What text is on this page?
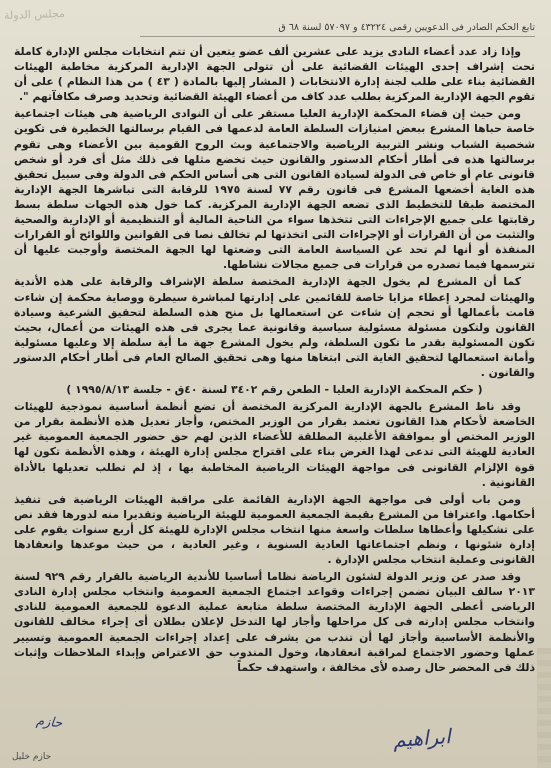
مجلس الدولة
تابع الحكم الصادر فى الدعويين رقمى ٤٣٢٢٤ و ٥٧٠٩٧ لسنة ٦٨ ق

وإذا زاد عدد أعضاء النادى يزيد على عشرين ألف عضو يتعين أن تتم انتخابات مجلس الإدارة كاملة تحت إشراف إحدى الهيئات القضائية على أن تتولى الجهة الإدارية المركزية مخاطبة الهيئات القضائية بناء على طلب لجنة إدارة الانتخابات ( المشار إليها بالمادة ( ٤٣ ) من هذا النظام ) على أن تقوم الجهة الإدارية المركزية بطلب عدد كاف من أعضاء الهيئة القضائية وتحديد وصرف مكافآتهم ".

ومن حيث إن قضاء المحكمة الإدارية العليا مستقر على أن النوادى الرياضية هى هيئات اجتماعية خاصة حباها المشرع ببعض امتيازات السلطة العامة لدعمها فى القيام برسالتها الخطيرة فى تكوين شخصية الشباب ونشر التربية الرياضية والاجتماعية وبث الروح القومية بين الأعضاء وهى تقوم برسالتها هذه فى أطار أحكام الدستور والقانون حيث تخضع مثلها فى ذلك مثل أى فرد أو شخص قانونى عام أو خاص فى الدولة لسيادة القانون التى هى أساس الحكم فى الدولة وفى سبيل تحقيق هذه الغاية أخضعها المشرع فى قانون رقم ٧٧ لسنة ١٩٧٥ للرقابة التى تباشرها الجهة الإدارية المختصة طبقا للتخطيط الذى تضعه الجهة الإدارية المركزية. كما خول هذه الجهات سلطة بسط رقابتها على جميع الإجراءات التى تتخذها سواء من الناحية المالية أو التنظيمية أو الإدارية والصحية والتثبت من أن القرارات أو الإجراءات التى اتخذتها لم تخالف نصا فى القوانين واللوائح أو القرارات المنفذة أو أنها لم تحد عن السياسة العامة التى وضعتها لها الجهة المختصة وأوجبت عليها أن تترسمها فيما تصدره من قرارات فى جميع مجالات نشاطها.

كما أن المشرع لم يخول الجهة الإدارية المختصة سلطة الإشراف والرقابة على هذه الأندية والهيئات لمجرد إعطاء مزايا خاصة للقائمين على إدارتها لمباشرة سيطرة ووصاية محكمة إن شاءت قامت بأعمالها أو تحجم إن شاءت عن استعمالها بل منح هذه السلطة لتحقيق الشرعية وسيادة القانون ولتكون مسئولة مسئولية سياسية وقانونية عما يجرى فى هذه الهيئات من أعمال، بحيث تكون المسئولية بقدر ما تكون السلطة، ولم يخول المشرع جهة ما أية سلطة إلا وعليها مسئولية وأمانة استعمالها لتحقيق الغاية التى ابتغاها منها وهى تحقيق الصالح العام فى أطار أحكام الدستور والقانون .

( حكم المحكمة الإدارية العليا - الطعن رقم ٣٤٠٢ لسنة ٤٠ق - جلسة ١٩٩٥/٨/١٣ )

وقد ناط المشرع بالجهة الإدارية المركزية المختصة أن تضع أنظمة أساسية نموذجية للهيئات الخاضعة لأحكام هذا القانون تعتمد بقرار من الوزير المختص، وأجاز تعديل هذه الأنظمة بقرار من الوزير المختص أو بموافقة الأغلبية المطلقة للأعضاء الذين لهم حق حضور الجمعية العمومية غير العادية للهيئة التى تدعى لهذا الغرض بناء على اقتراح مجلس إدارة الهيئة ، وهذه الأنظمة تكون لها قوة الإلزام القانونى فى مواجهة الهيئات الرياضية المخاطبة بها ، إذ لم تطلب تعديلها بالأداة القانونية .

ومن باب أولى فى مواجهة الجهة الإدارية القائمة على مراقبة الهيئات الرياضية فى تنفيذ أحكامها. واعترافا من المشرع بقيمة الجمعية العمومية للهيئة الرياضية وتقديرا منه لدورها فقد نص على تشكيلها وأعطاها سلطات واسعة منها انتخاب مجلس الإدارة للهيئة كل أربع سنوات يقوم على إدارة شئونها ، ونظم اجتماعاتها العادية السنوية ، وغير العادية ، من حيث موعدها وانعقادها القانونى وعملية انتخاب مجلس الإدارة .

وقد صدر عن وزير الدولة لشئون الرياضة نظاما أساسيا للأندية الرياضية بالقرار رقم ٩٢٩ لسنة ٢٠١٣ سالف البيان تضمن إجراءات وقواعد اجتماع الجمعية العمومية وانتخاب مجلس إدارة النادى الرياضى أعطى الجهة الإدارية المختصة سلطة متابعة عملية الدعوة للجمعية العمومية للنادى وانتخاب مجلس إدارته فى كل مراحلها وأجاز لها التدخل لإعلان بطلان أى إجراء مخالف للقانون والأنظمة الأساسية وأجاز لها أن تندب من يشرف على إعداد إجراءات الجمعية العمومية وتسيير عملها وحضور الاجتماع لمراقبة انعقادها، وخول المندوب حق الاعتراض وإبداء الملاحظات وإثبات ذلك فى المحضر حال رصده لأى مخالفة ، واستهدف حكماً

ابراهيم
حازم
حازم خليل
